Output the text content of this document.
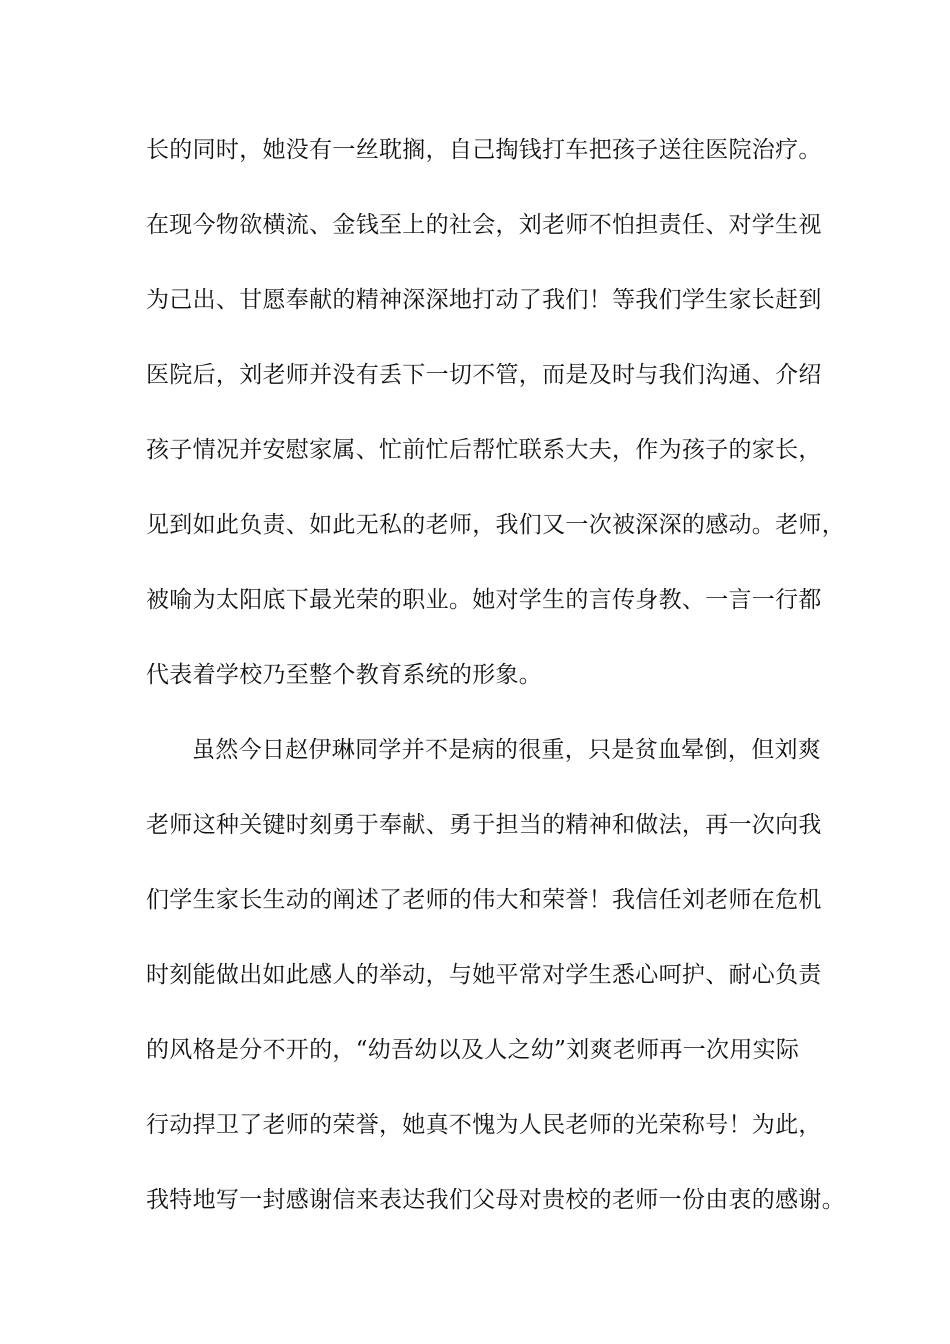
长的同时，她没有一丝耽搁，自己掏钱打车把孩子送往医院治疗。
在现今物欲横流、金钱至上的社会，刘老师不怕担责任、对学生视
为己出、甘愿奉献的精神深深地打动了我们！等我们学生家长赶到
医院后，刘老师并没有丢下一切不管，而是及时与我们沟通、介绍
孩子情况并安慰家属、忙前忙后帮忙联系大夫，作为孩子的家长，
见到如此负责、如此无私的老师，我们又一次被深深的感动。老师，
被喻为太阳底下最光荣的职业。她对学生的言传身教、一言一行都
代表着学校乃至整个教育系统的形象。
虽然今日赵伊琳同学并不是病的很重，只是贫血晕倒，但刘爽
老师这种关键时刻勇于奉献、勇于担当的精神和做法，再一次向我
们学生家长生动的阐述了老师的伟大和荣誉！我信任刘老师在危机
时刻能做出如此感人的举动，与她平常对学生悉心呵护、耐心负责
的风格是分不开的，“幼吾幼以及人之幼”刘爽老师再一次用实际
行动捍卫了老师的荣誉，她真不愧为人民老师的光荣称号！为此，
我特地写一封感谢信来表达我们父母对贵校的老师一份由衷的感谢。
